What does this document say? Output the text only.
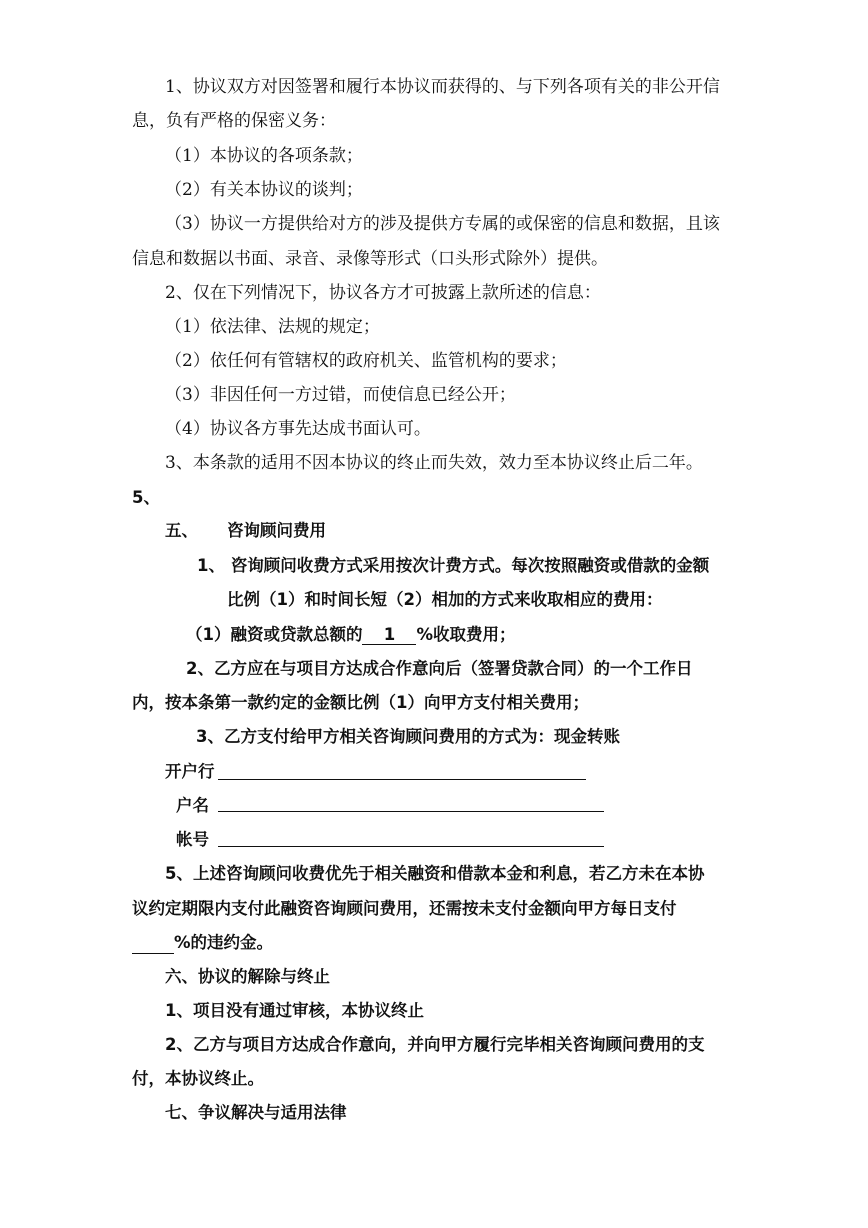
1、协议双方对因签署和履行本协议而获得的、与下列各项有关的非公开信
息，负有严格的保密义务：
（1）本协议的各项条款；
（2）有关本协议的谈判；
（3）协议一方提供给对方的涉及提供方专属的或保密的信息和数据，且该
信息和数据以书面、录音、录像等形式（口头形式除外）提供。
2、仅在下列情况下，协议各方才可披露上款所述的信息：
（1）依法律、法规的规定；
（2）依任何有管辖权的政府机关、监管机构的要求；
（3）非因任何一方过错，而使信息已经公开；
（4）协议各方事先达成书面认可。
3、本条款的适用不因本协议的终止而失效，效力至本协议终止后二年。
5、
五、 咨询顾问费用
1、 咨询顾问收费方式采用按次计费方式。每次按照融资或借款的金额
比例（1）和时间长短（2）相加的方式来收取相应的费用：
（1）融资或贷款总额的 1 %收取费用；
2、乙方应在与项目方达成合作意向后（签署贷款合同）的一个工作日
内，按本条第一款约定的金额比例（1）向甲方支付相关费用；
3、乙方支付给甲方相关咨询顾问费用的方式为：现金转账
开户行
户名
帐号
5、上述咨询顾问收费优先于相关融资和借款本金和利息，若乙方未在本协
议约定期限内支付此融资咨询顾问费用，还需按未支付金额向甲方每日支付
%的违约金。
六、协议的解除与终止
1、项目没有通过审核，本协议终止
2、乙方与项目方达成合作意向，并向甲方履行完毕相关咨询顾问费用的支
付，本协议终止。
七、争议解决与适用法律
